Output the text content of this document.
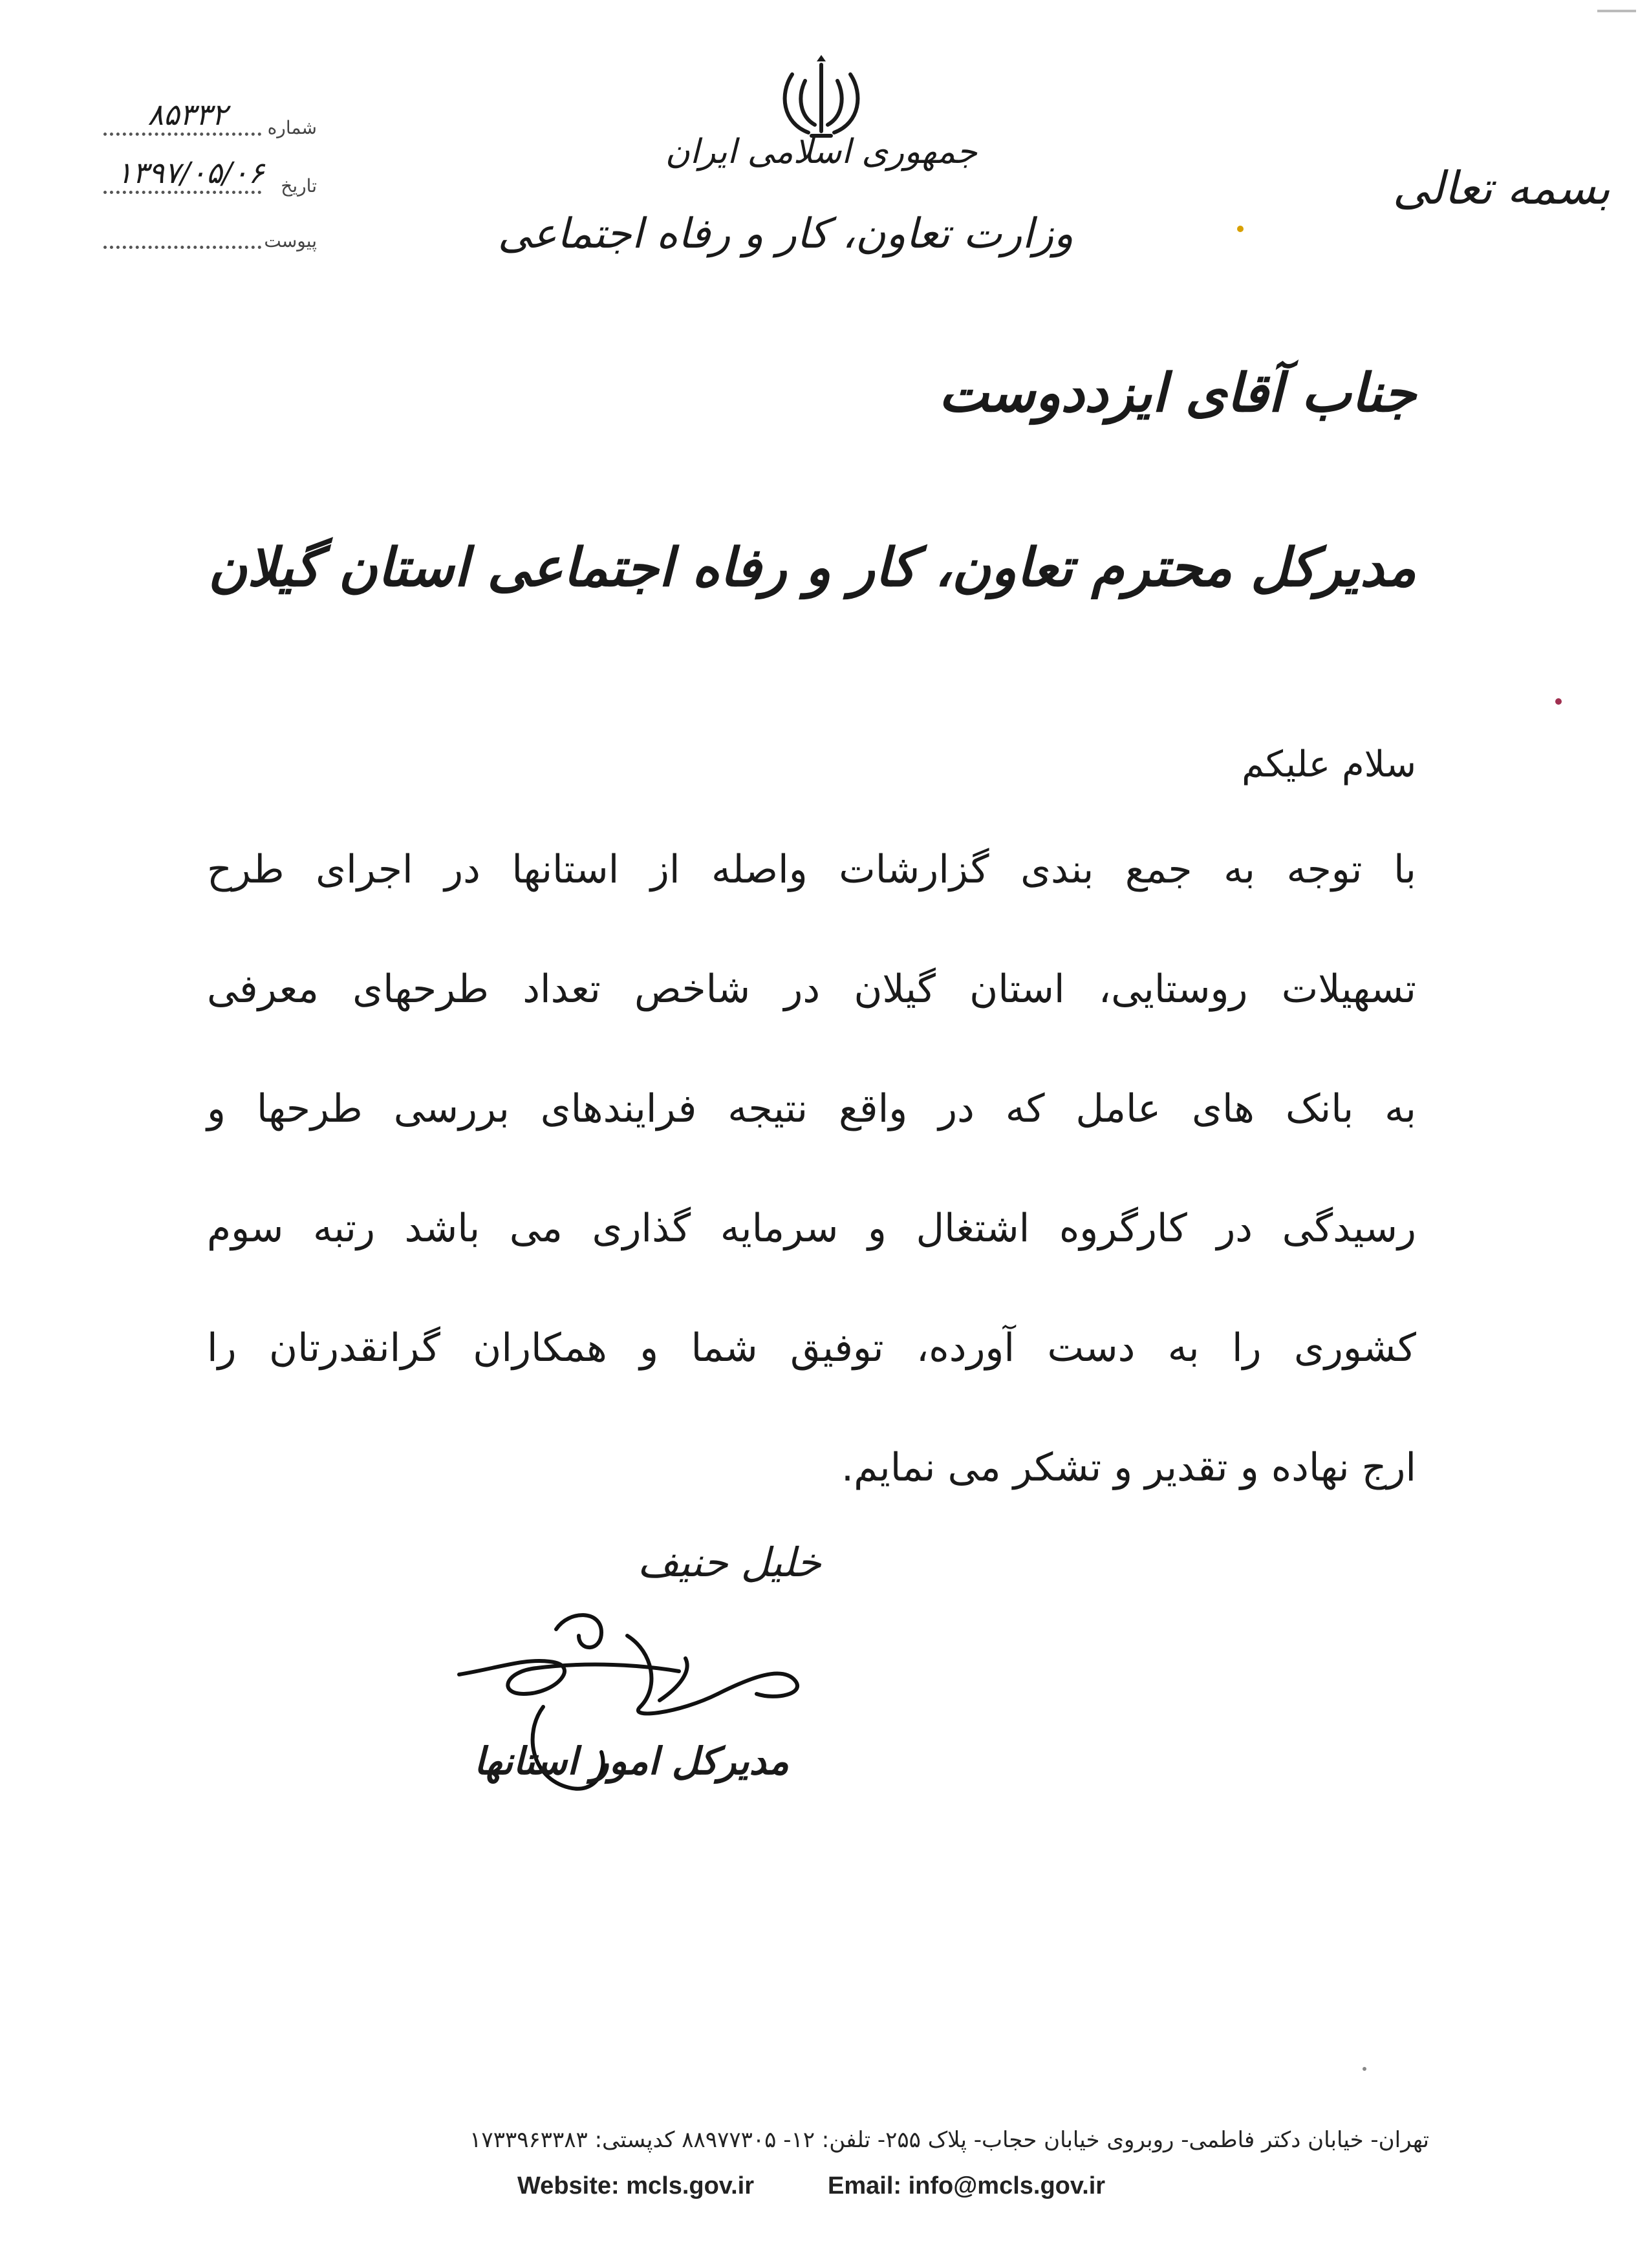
جمهوری اسلامی ایران
وزارت تعاون، کار و رفاه اجتماعی
بسمه تعالی
شماره
۸۵۳۳۲
تاریخ
۱۳۹۷/۰۵/۰۶
پیوست
جناب آقای ایزددوست
مدیرکل محترم تعاون، کار و رفاه اجتماعی استان گیلان
سلام علیکم
با توجه به جمع بندی گزارشات واصله از استانها در اجرای طرح
تسهیلات روستایی، استان گیلان در شاخص تعداد طرحهای معرفی
به بانک های عامل که در واقع نتیجه فرایندهای بررسی طرحها و
رسیدگی در کارگروه اشتغال و سرمایه گذاری می باشد رتبه سوم
کشوری را به دست آورده، توفیق شما و همکاران گرانقدرتان را
ارج نهاده و تقدیر و تشکر می نمایم.
خلیل حنیف
مدیرکل امور استانها
تهران- خیابان دکتر فاطمی- روبروی خیابان حجاب- پلاک ۲۵۵- تلفن: ۱۲- ۸۸۹۷۷۳۰۵ کدپستی: ۱۷۳۳۹۶۳۳۸۳
Website: mcls.gov.ir	Email: info@mcls.gov.ir
